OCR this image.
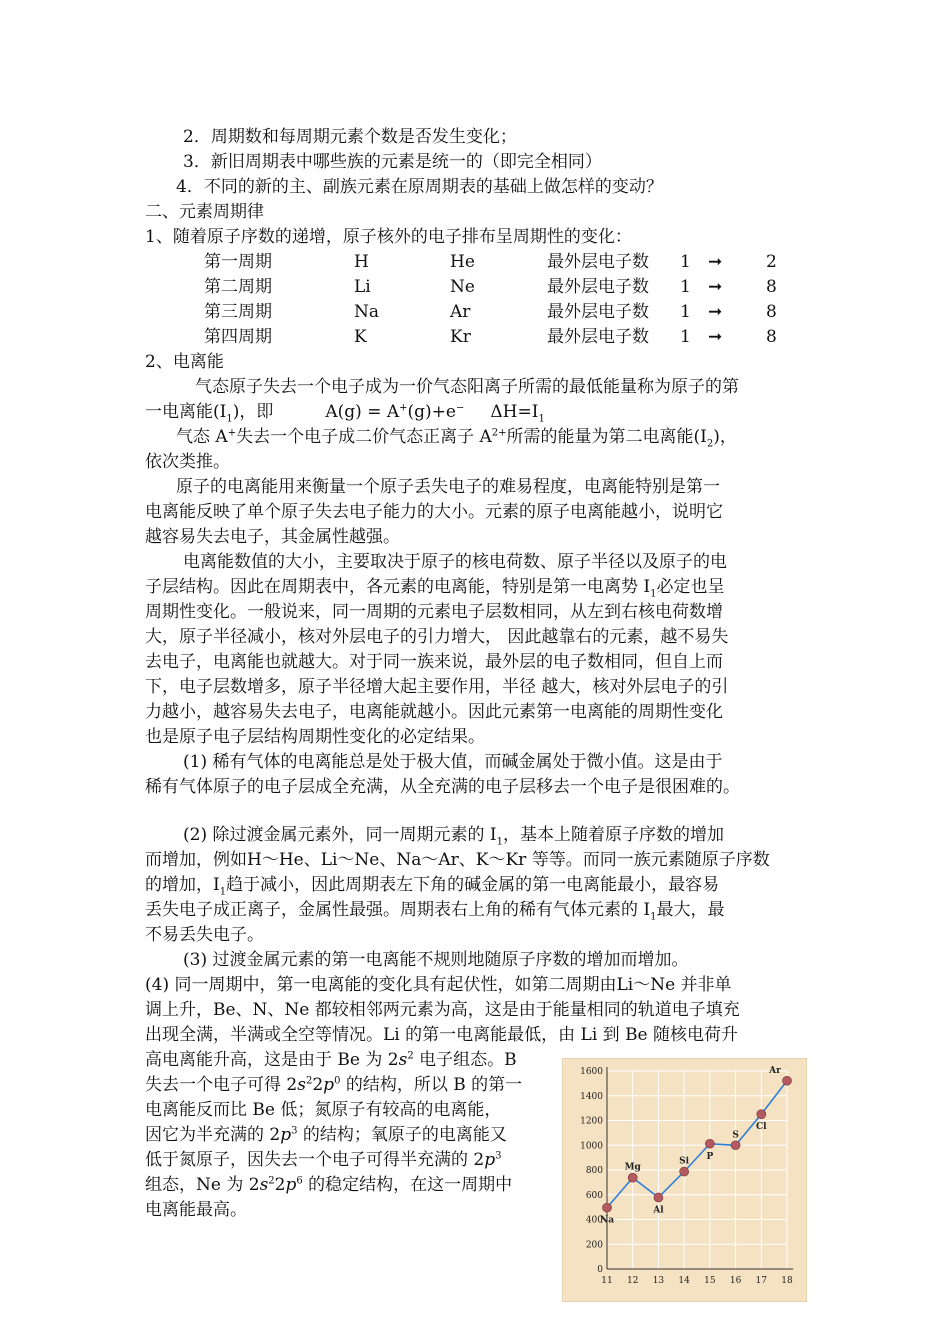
2．周期数和每周期元素个数是否发生变化；
3．新旧周期表中哪些族的元素是统一的（即完全相同）
4．不同的新的主、副族元素在原周期表的基础上做怎样的变动？
二、元素周期律
1、随着原子序数的递增，原子核外的电子排布呈周期性的变化：
第一周期	H	He	最外层电子数 1 ➞	2
第二周期	Li	Ne	最外层电子数 1 ➞	8
第三周期	Na	Ar	最外层电子数 1 ➞	8
第四周期	K	Kr	最外层电子数 1 ➞	8
2、电离能
气态原子失去一个电子成为一价气态阳离子所需的最低能量称为原子的第
一电离能$(I_1)$，即	A(g) = A+(g)+e− $\Delta H=I_1$
气态 A+失去一个电子成二价气态正离子 $A^{2+}$所需的能量为第二电离能$(I_2)$，
依次类推。
原子的电离能用来衡量一个原子丢失电子的难易程度，电离能特别是第一
电离能反映了单个原子失去电子能力的大小。元素的原子电离能越小，说明它
越容易失去电子，其金属性越强。
电离能数值的大小，主要取决于原子的核电荷数、原子半径以及原子的电
子层结构。因此在周期表中，各元素的电离能，特别是第一电离势 $I_1$必定也呈
周期性变化。一般说来，同一周期的元素电子层数相同，从左到右核电荷数增
大，原子半径减小，核对外层电子的引力增大， 因此越靠右的元素，越不易失
去电子，电离能也就越大。对于同一族来说，最外层的电子数相同，但自上而
下，电子层数增多，原子半径增大起主要作用，半径 越大，核对外层电子的引
力越小，越容易失去电子，电离能就越小。因此元素第一电离能的周期性变化
也是原子电子层结构周期性变化的必定结果。
(1) 稀有气体的电离能总是处于极大值，而碱金属处于微小值。这是由于
稀有气体原子的电子层成全充满，从全充满的电子层移去一个电子是很困难的。
(2) 除过渡金属元素外，同一周期元素的 $I_1$，基本上随着原子序数的增加
而增加，例如H～He、Li～Ne、Na～Ar、K～Kr 等等。而同一族元素随原子序数
的增加，$I_1$趋于减小，因此周期表左下角的碱金属的第一电离能最小，最容易
丢失电子成正离子，金属性最强。周期表右上角的稀有气体元素的 $I_1$最大，最
不易丢失电子。
(3) 过渡金属元素的第一电离能不规则地随原子序数的增加而增加。
(4) 同一周期中，第一电离能的变化具有起伏性，如第二周期由Li～Ne 并非单
调上升，Be、N、Ne 都较相邻两元素为高，这是由于能量相同的轨道电子填充
出现全满，半满或全空等情况。Li 的第一电离能最低，由 Li 到 Be 随核电荷升
高电离能升高，这是由于 Be 为 $2s^2$ 电子组态。B
失去一个电子可得 $2s^22p^0$ 的结构，所以 B 的第一
电离能反而比 Be 低；氮原子有较高的电离能，
因它为半充满的 $2p^3$ 的结构；氧原子的电离能又
低于氮原子，因失去一个电子可得半充满的 $2p^3$
组态，Ne 为 $2s^22p^6$ 的稳定结构，在这一周期中
电离能最高。
0
200
400
600
800
1000
1200
1400
1600
11 12 13 14 15 16 17 18
Na
Mg
Al
Si P
S
Cl
Ar
